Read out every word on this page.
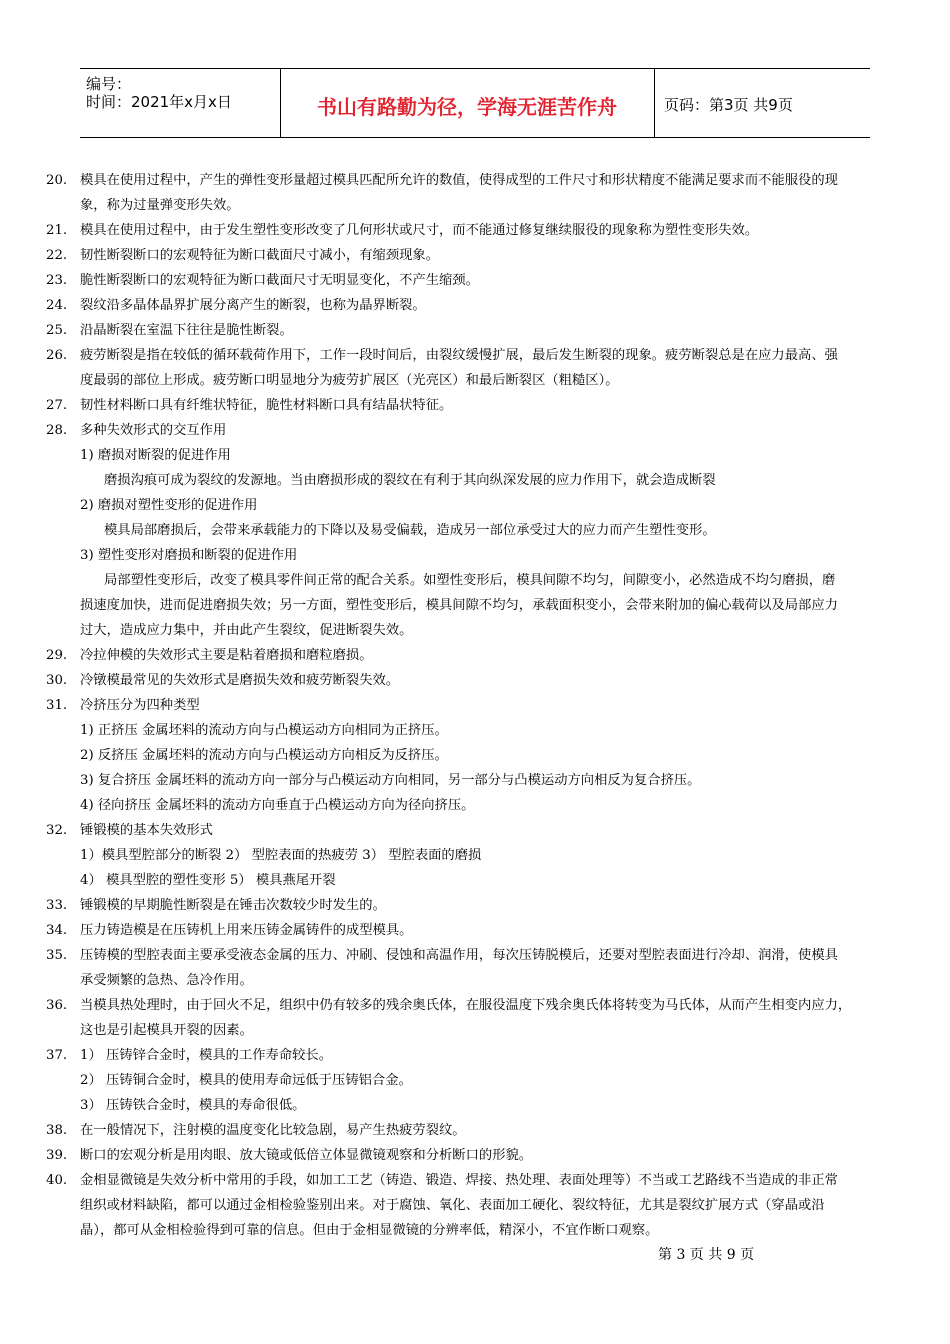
编号：
时间：2021年x月x日	书山有路勤为径，学海无涯苦作舟	页码：第3页 共9页
20. 模具在使用过程中，产生的弹性变形量超过模具匹配所允许的数值，使得成型的工件尺寸和形状精度不能满足要求而不能服役的现
象，称为过量弹变形失效。
21. 模具在使用过程中，由于发生塑性变形改变了几何形状或尺寸，而不能通过修复继续服役的现象称为塑性变形失效。
22. 韧性断裂断口的宏观特征为断口截面尺寸减小，有缩颈现象。
23. 脆性断裂断口的宏观特征为断口截面尺寸无明显变化，不产生缩颈。
24. 裂纹沿多晶体晶界扩展分离产生的断裂，也称为晶界断裂。
25. 沿晶断裂在室温下往往是脆性断裂。
26. 疲劳断裂是指在较低的循环载荷作用下，工作一段时间后，由裂纹缓慢扩展，最后发生断裂的现象。疲劳断裂总是在应力最高、强
度最弱的部位上形成。疲劳断口明显地分为疲劳扩展区（光亮区）和最后断裂区（粗糙区）。
27. 韧性材料断口具有纤维状特征，脆性材料断口具有结晶状特征。
28. 多种失效形式的交互作用
1) 磨损对断裂的促进作用
磨损沟痕可成为裂纹的发源地。当由磨损形成的裂纹在有利于其向纵深发展的应力作用下，就会造成断裂
2) 磨损对塑性变形的促进作用
模具局部磨损后，会带来承载能力的下降以及易受偏载，造成另一部位承受过大的应力而产生塑性变形。
3) 塑性变形对磨损和断裂的促进作用
局部塑性变形后，改变了模具零件间正常的配合关系。如塑性变形后，模具间隙不均匀，间隙变小，必然造成不均匀磨损，磨
损速度加快，进而促进磨损失效；另一方面，塑性变形后，模具间隙不均匀，承载面积变小，会带来附加的偏心载荷以及局部应力
过大，造成应力集中，并由此产生裂纹，促进断裂失效。
29. 冷拉伸模的失效形式主要是粘着磨损和磨粒磨损。
30. 冷镦模最常见的失效形式是磨损失效和疲劳断裂失效。
31. 冷挤压分为四种类型
1) 正挤压 金属坯料的流动方向与凸模运动方向相同为正挤压。
2) 反挤压 金属坯料的流动方向与凸模运动方向相反为反挤压。
3) 复合挤压 金属坯料的流动方向一部分与凸模运动方向相同，另一部分与凸模运动方向相反为复合挤压。
4) 径向挤压 金属坯料的流动方向垂直于凸模运动方向为径向挤压。
32. 锤锻模的基本失效形式
1）模具型腔部分的断裂 2） 型腔表面的热疲劳 3） 型腔表面的磨损
4） 模具型腔的塑性变形 5） 模具燕尾开裂
33. 锤锻模的早期脆性断裂是在锤击次数较少时发生的。
34. 压力铸造模是在压铸机上用来压铸金属铸件的成型模具。
35. 压铸模的型腔表面主要承受液态金属的压力、冲刷、侵蚀和高温作用，每次压铸脱模后，还要对型腔表面进行冷却、润滑，使模具
承受频繁的急热、急冷作用。
36. 当模具热处理时，由于回火不足，组织中仍有较多的残余奥氏体，在服役温度下残余奥氏体将转变为马氏体，从而产生相变内应力，
这也是引起模具开裂的因素。
37. 1） 压铸锌合金时，模具的工作寿命较长。
2） 压铸铜合金时，模具的使用寿命远低于压铸铝合金。
3） 压铸铁合金时，模具的寿命很低。
38. 在一般情况下，注射模的温度变化比较急剧，易产生热疲劳裂纹。
39. 断口的宏观分析是用肉眼、放大镜或低倍立体显微镜观察和分析断口的形貌。
40. 金相显微镜是失效分析中常用的手段，如加工工艺（铸造、锻造、焊接、热处理、表面处理等）不当或工艺路线不当造成的非正常
组织或材料缺陷，都可以通过金相检验鉴别出来。对于腐蚀、氧化、表面加工硬化、裂纹特征，尤其是裂纹扩展方式（穿晶或沿
晶），都可从金相检验得到可靠的信息。但由于金相显微镜的分辨率低，精深小，不宜作断口观察。
第 3 页 共 9 页
